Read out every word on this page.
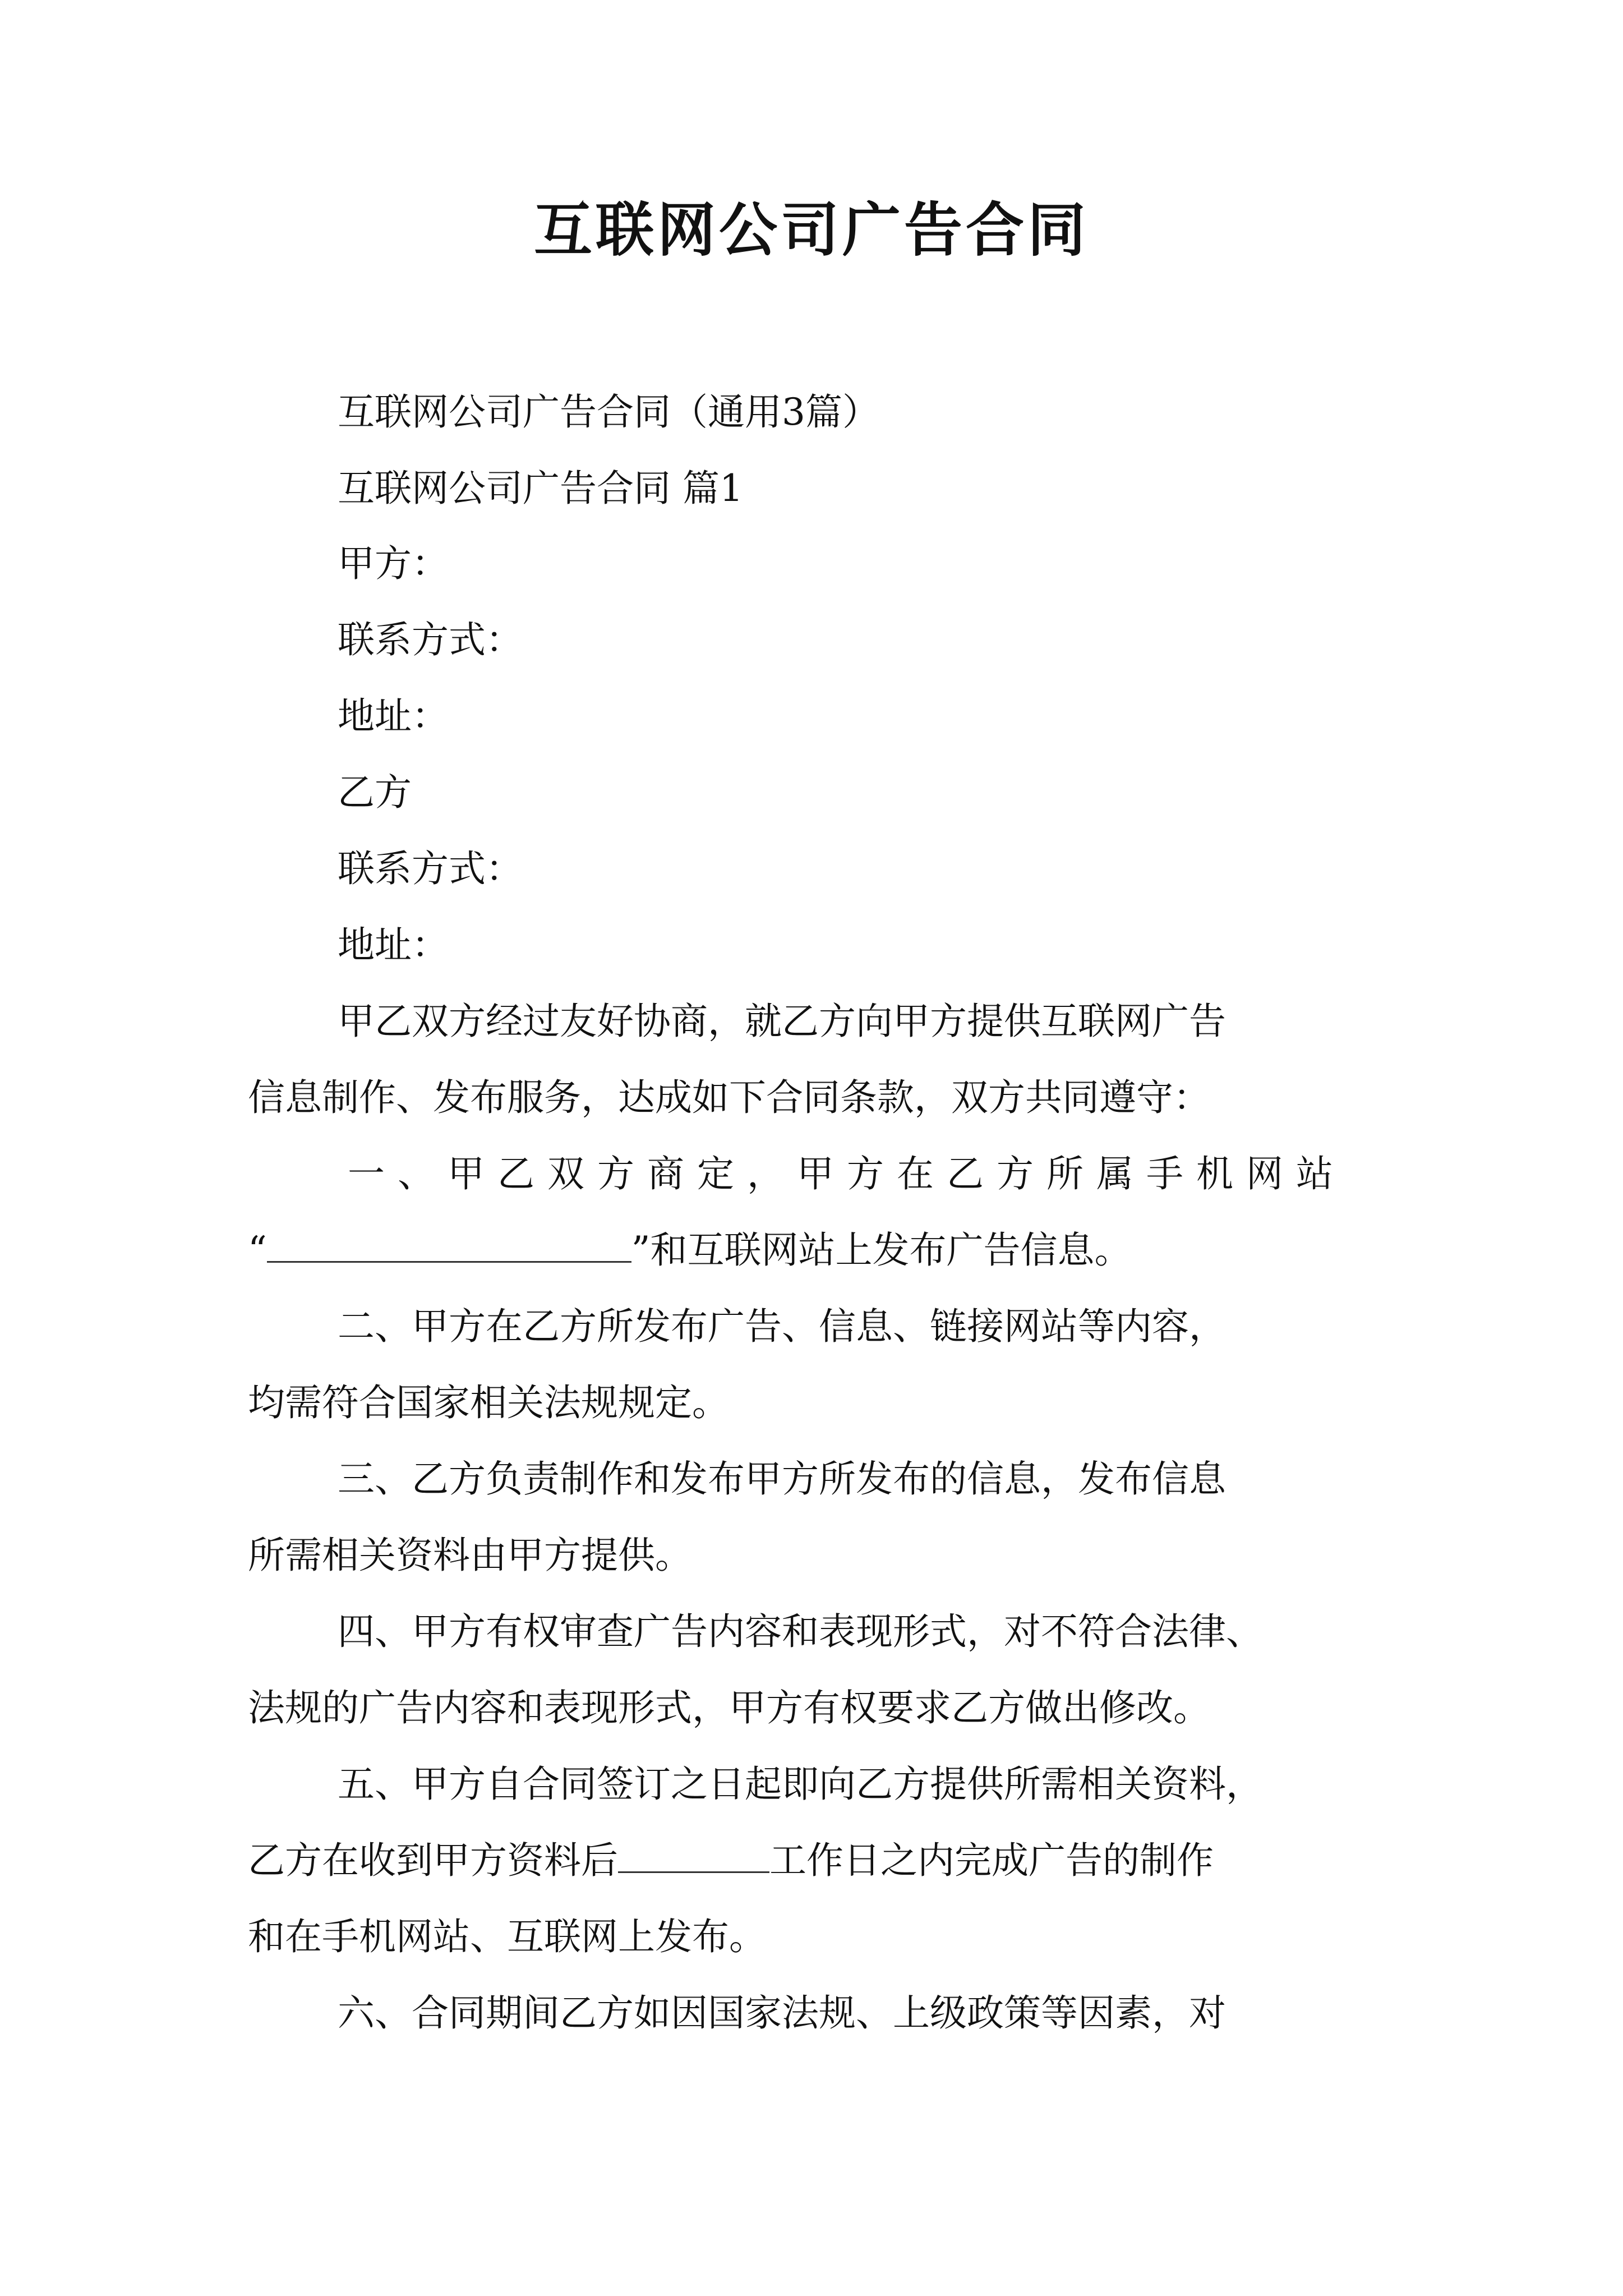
互联网公司广告合同
互联网公司广告合同（通用3篇）
互联网公司广告合同 篇1
甲方：
联系方式：
地址：
乙方
联系方式：
地址：
甲乙双方经过友好协商，就乙方向甲方提供互联网广告
信息制作、发布服务，达成如下合同条款，双方共同遵守：
一、甲乙双方商定，甲方在乙方所属手机网站
“	”和互联网站上发布广告信息。
二、甲方在乙方所发布广告、信息、链接网站等内容，
均需符合国家相关法规规定。
三、乙方负责制作和发布甲方所发布的信息，发布信息
所需相关资料由甲方提供。
四、甲方有权审查广告内容和表现形式，对不符合法律、
法规的广告内容和表现形式，甲方有权要求乙方做出修改。
五、甲方自合同签订之日起即向乙方提供所需相关资料，
乙方在收到甲方资料后	工作日之内完成广告的制作
和在手机网站、互联网上发布。
六、合同期间乙方如因国家法规、上级政策等因素，对
